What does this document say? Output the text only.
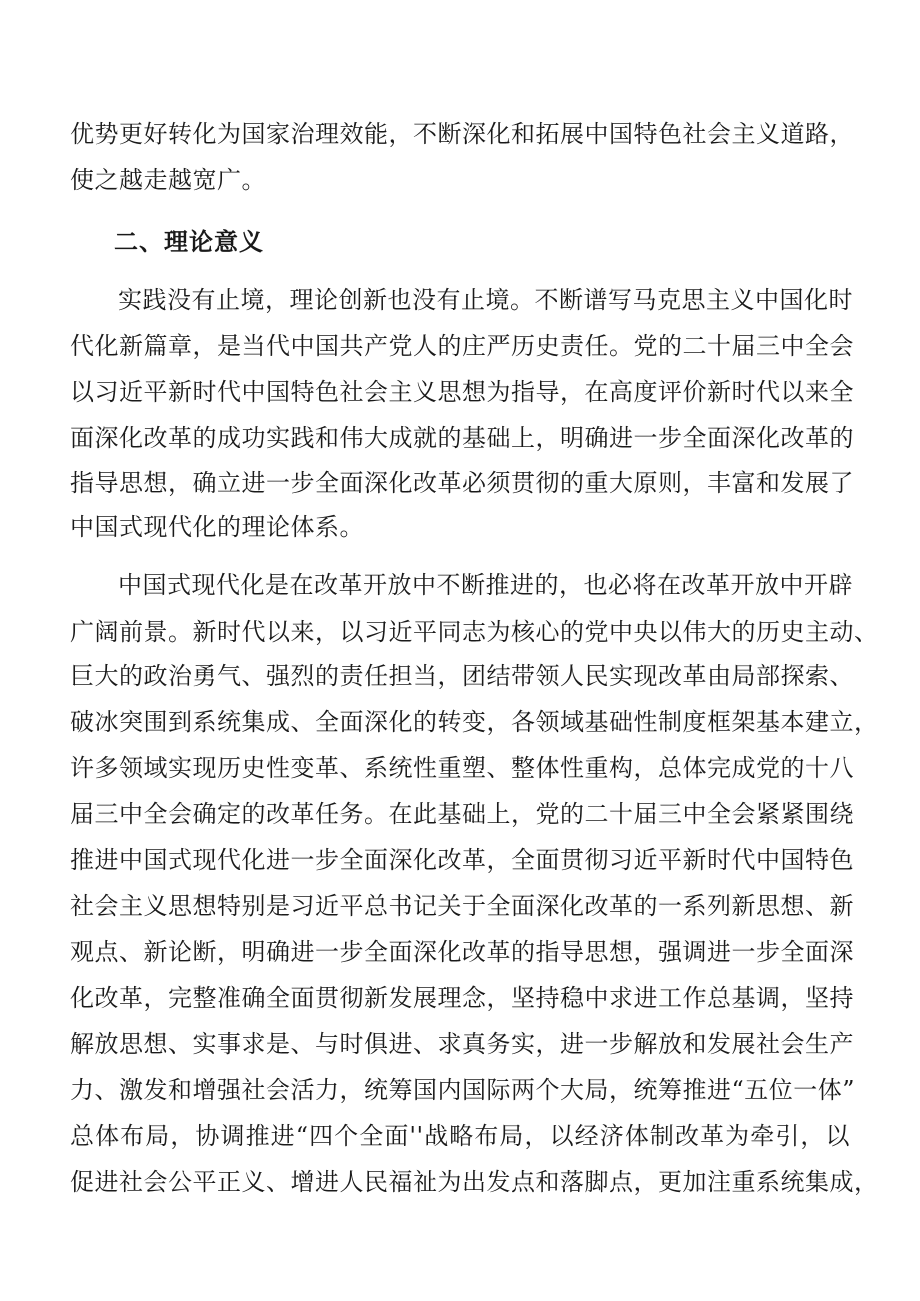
优势更好转化为国家治理效能，不断深化和拓展中国特色社会主义道路，
使之越走越宽广。
二、理论意义
实践没有止境，理论创新也没有止境。不断谱写马克思主义中国化时
代化新篇章，是当代中国共产党人的庄严历史责任。党的二十届三中全会
以习近平新时代中国特色社会主义思想为指导，在高度评价新时代以来全
面深化改革的成功实践和伟大成就的基础上，明确进一步全面深化改革的
指导思想，确立进一步全面深化改革必须贯彻的重大原则，丰富和发展了
中国式现代化的理论体系。
中国式现代化是在改革开放中不断推进的，也必将在改革开放中开辟
广阔前景。新时代以来，以习近平同志为核心的党中央以伟大的历史主动、
巨大的政治勇气、强烈的责任担当，团结带领人民实现改革由局部探索、
破冰突围到系统集成、全面深化的转变，各领域基础性制度框架基本建立，
许多领域实现历史性变革、系统性重塑、整体性重构，总体完成党的十八
届三中全会确定的改革任务。在此基础上，党的二十届三中全会紧紧围绕
推进中国式现代化进一步全面深化改革，全面贯彻习近平新时代中国特色
社会主义思想特别是习近平总书记关于全面深化改革的一系列新思想、新
观点、新论断，明确进一步全面深化改革的指导思想，强调进一步全面深
化改革，完整准确全面贯彻新发展理念，坚持稳中求进工作总基调，坚持
解放思想、实事求是、与时俱进、求真务实，进一步解放和发展社会生产
力、激发和增强社会活力，统筹国内国际两个大局，统筹推进“五位一体”
总体布局，协调推进“四个全面''战略布局，以经济体制改革为牵引，以
促进社会公平正义、增进人民福祉为出发点和落脚点，更加注重系统集成，
